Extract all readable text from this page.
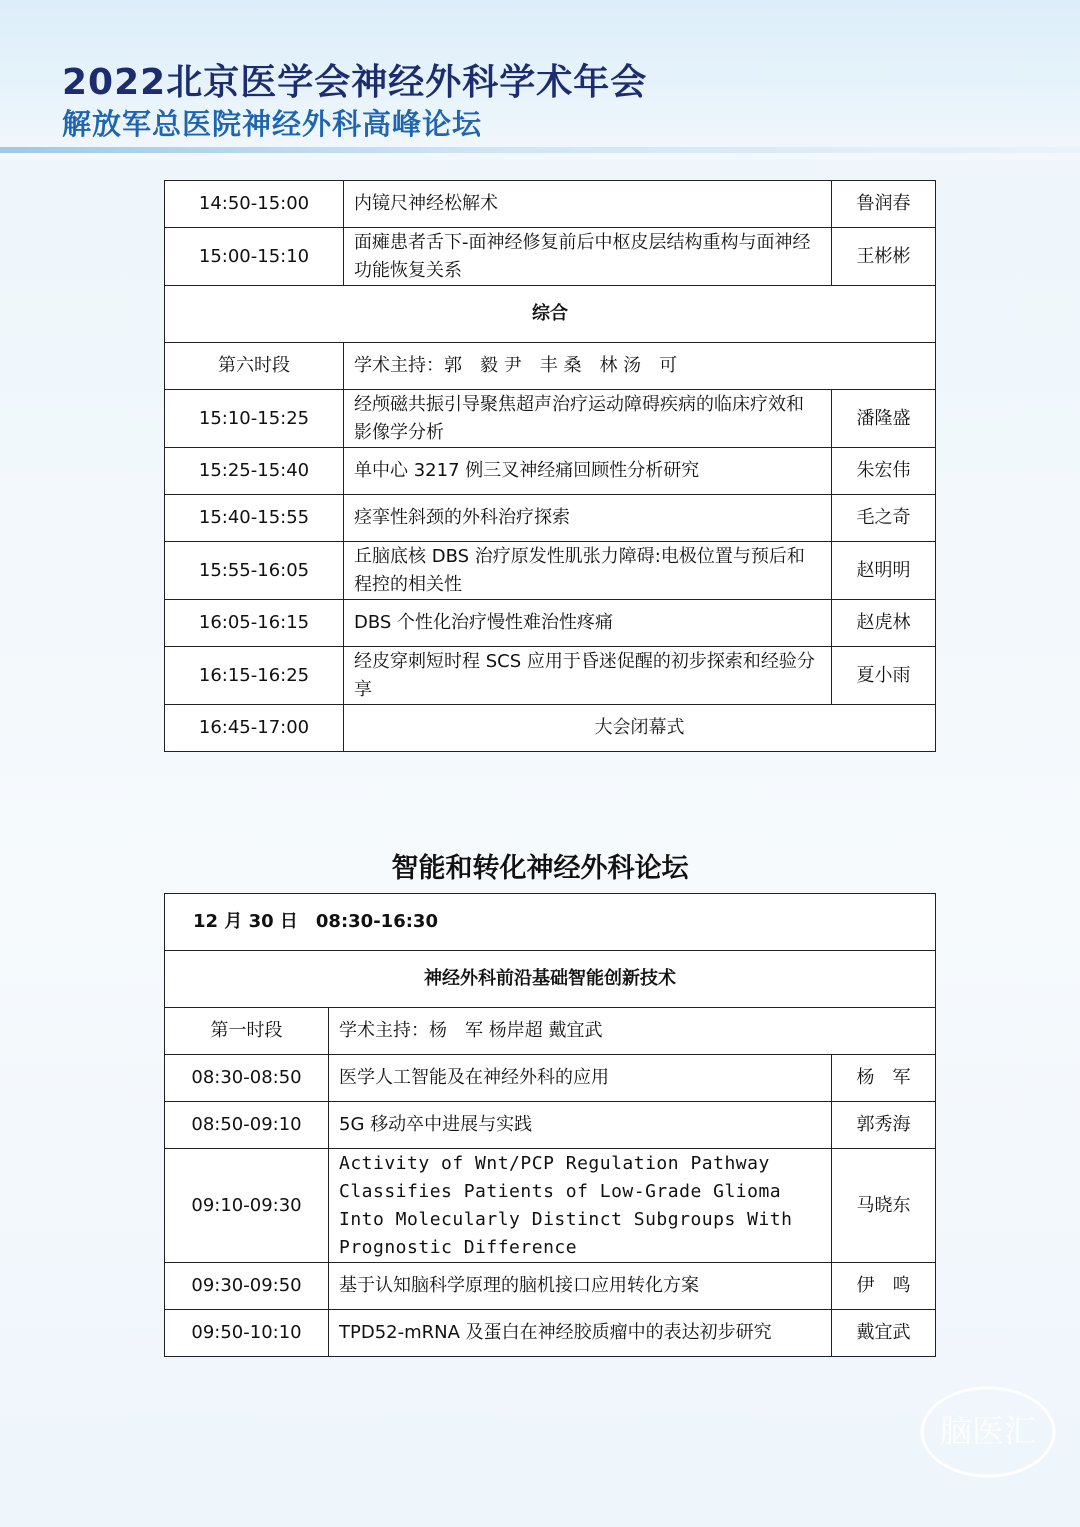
2022北京医学会神经外科学术年会
解放军总医院神经外科高峰论坛
14:50-15:00	内镜尺神经松解术	鲁润春
15:00-15:10	面瘫患者舌下-面神经修复前后中枢皮层结构重构与面神经功能恢复关系	王彬彬
综合		
第六时段	学术主持：郭　毅 尹　丰 桑　林 汤　可	
15:10-15:25	经颅磁共振引导聚焦超声治疗运动障碍疾病的临床疗效和影像学分析	潘隆盛
15:25-15:40	单中心 3217 例三叉神经痛回顾性分析研究	朱宏伟
15:40-15:55	痉挛性斜颈的外科治疗探索	毛之奇
15:55-16:05	丘脑底核 DBS 治疗原发性肌张力障碍:电极位置与预后和程控的相关性	赵明明
16:05-16:15	DBS 个性化治疗慢性难治性疼痛	赵虎林
16:15-16:25	经皮穿刺短时程 SCS 应用于昏迷促醒的初步探索和经验分享	夏小雨
16:45-17:00	大会闭幕式	
智能和转化神经外科论坛
12 月 30 日 08:30-16:30		
神经外科前沿基础智能创新技术		
第一时段	学术主持：杨　军 杨岸超 戴宜武	
08:30-08:50	医学人工智能及在神经外科的应用	杨　军
08:50-09:10	5G 移动卒中进展与实践	郭秀海
09:10-09:30	Activity of Wnt/PCP Regulation Pathway Classifies Patients of Low-Grade Glioma Into Molecularly Distinct Subgroups With Prognostic Difference	马晓东
09:30-09:50	基于认知脑科学原理的脑机接口应用转化方案	伊　鸣
09:50-10:10	TPD52-mRNA 及蛋白在神经胶质瘤中的表达初步研究	戴宜武
脑医汇
